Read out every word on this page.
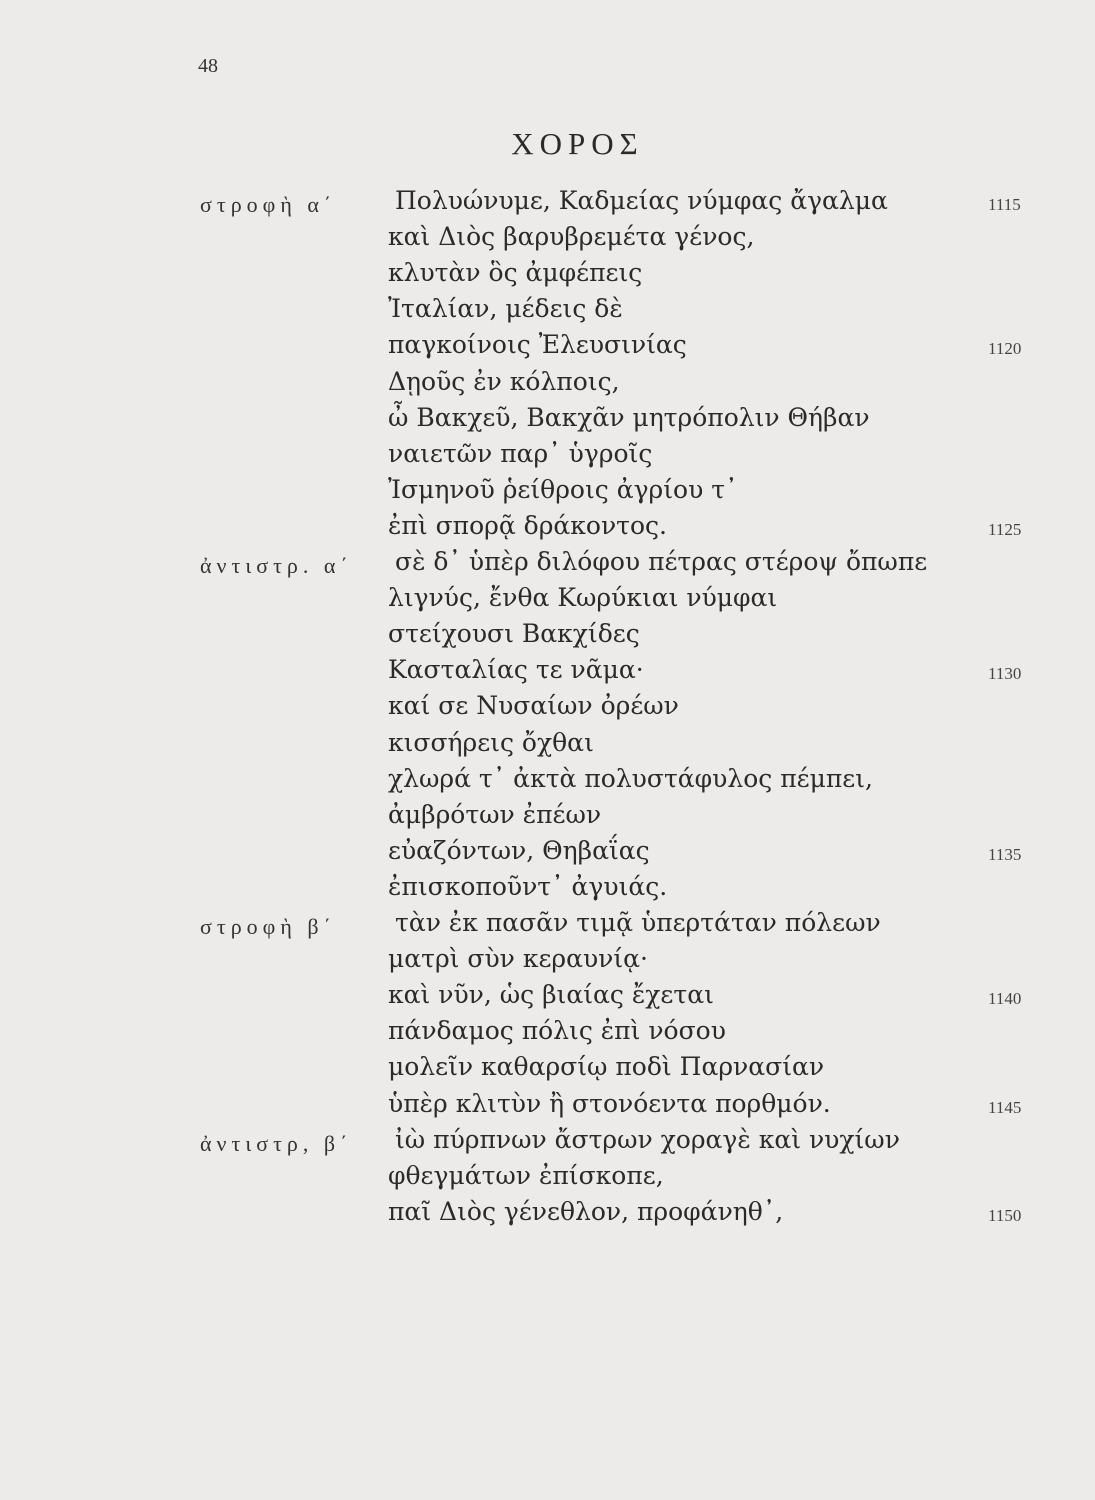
48
ΧΟΡΟΣ
στροφὴ α΄ Πολυώνυμε, Καδμείας νύμφας ἄγαλμα	1115
καὶ Διὸς βαρυβρεμέτα γένος,
κλυτὰν ὃς ἀμφέπεις
Ἰταλίαν, μέδεις δὲ
παγκοίνοις Ἐλευσινίας	1120
Δῃοῦς ἐν κόλποις,
ὦ Βακχεῦ, Βακχᾶν μητρόπολιν Θήβαν
ναιετῶν παρ᾽ ὑγροῖς
Ἰσμηνοῦ ῥείθροις ἀγρίου τ᾽
ἐπὶ σπορᾷ δράκοντος.	1125
ἀντιστρ. α΄ σὲ δ᾽ ὑπὲρ διλόφου πέτρας στέροψ ὄπωπε
λιγνύς, ἔνθα Κωρύκιαι νύμφαι
στείχουσι Βακχίδες
Κασταλίας τε νᾶμα·	1130
καί σε Νυσαίων ὀρέων
κισσήρεις ὄχθαι
χλωρά τ᾽ ἀκτὰ πολυστάφυλος πέμπει,
ἀμβρότων ἐπέων
εὐαζόντων, Θηβαΐας	1135
ἐπισκοποῦντ᾽ ἀγυιάς.
στροφὴ β΄ τὰν ἐκ πασᾶν τιμᾷ ὑπερτάταν πόλεων
ματρὶ σὺν κεραυνίᾳ·
καὶ νῦν, ὡς βιαίας ἔχεται	1140
πάνδαμος πόλις ἐπὶ νόσου
μολεῖν καθαρσίῳ ποδὶ Παρνασίαν
ὑπὲρ κλιτὺν ἢ στονόεντα πορθμόν.	1145
ἀντιστρ, β΄ ἰὼ πύρπνων ἄστρων χοραγὲ καὶ νυχίων
φθεγμάτων ἐπίσκοπε,
παῖ Διὸς γένεθλον, προφάνηθ᾽,	1150
